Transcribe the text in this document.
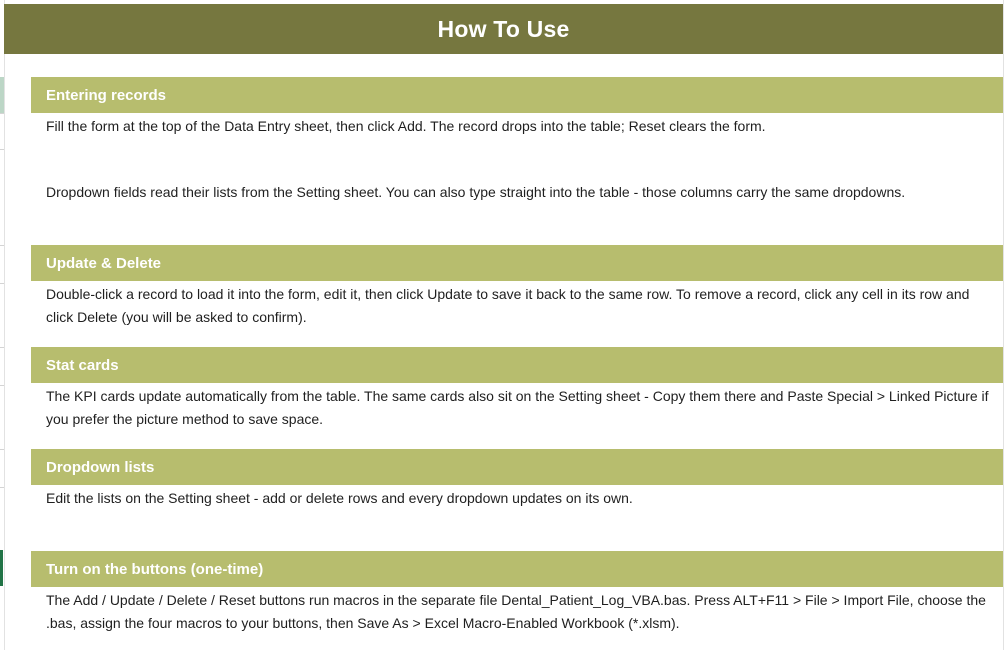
How To Use
Entering records
Fill the form at the top of the Data Entry sheet, then click Add. The record drops into the table; Reset clears the form.
Dropdown fields read their lists from the Setting sheet. You can also type straight into the table - those columns carry the same dropdowns.
Update & Delete
Double-click a record to load it into the form, edit it, then click Update to save it back to the same row. To remove a record, click any cell in its row and click Delete (you will be asked to confirm).
Stat cards
The KPI cards update automatically from the table. The same cards also sit on the Setting sheet - Copy them there and Paste Special > Linked Picture if you prefer the picture method to save space.
Dropdown lists
Edit the lists on the Setting sheet - add or delete rows and every dropdown updates on its own.
Turn on the buttons (one-time)
The Add / Update / Delete / Reset buttons run macros in the separate file Dental_Patient_Log_VBA.bas. Press ALT+F11 > File > Import File, choose the .bas, assign the four macros to your buttons, then Save As > Excel Macro-Enabled Workbook (*.xlsm).
